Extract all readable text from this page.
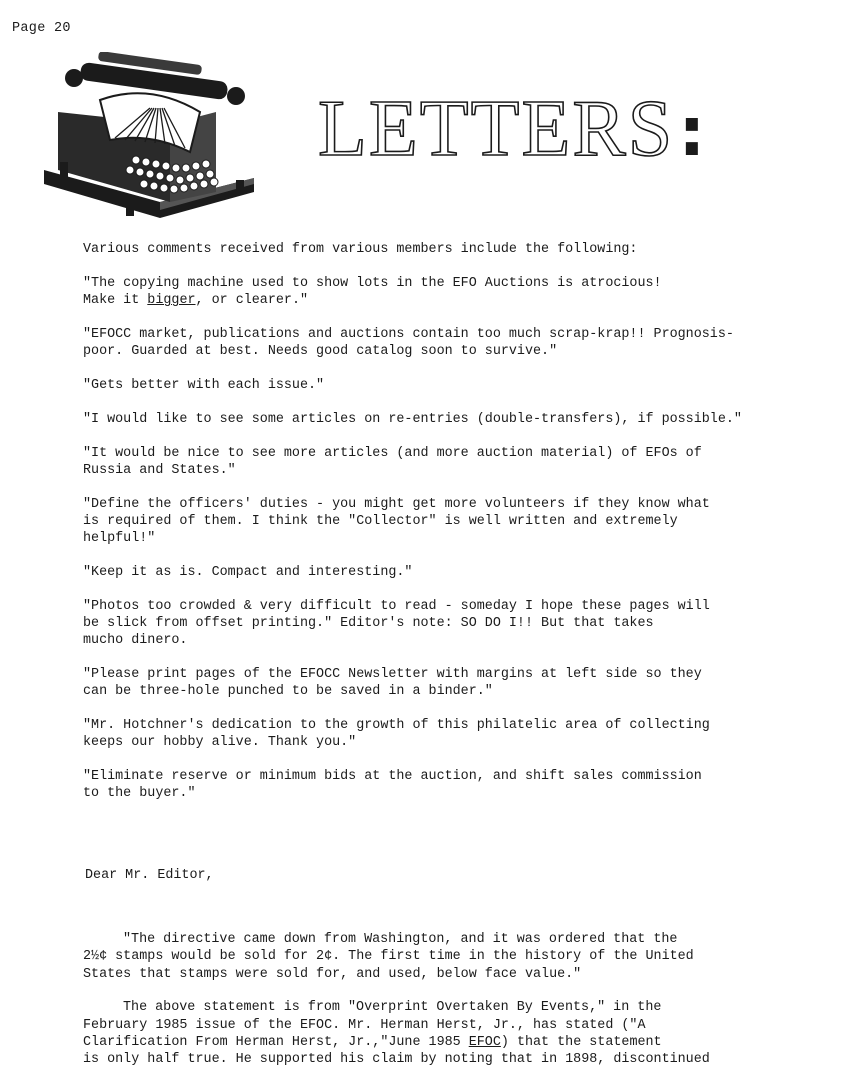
Page 20
LETTERS:

Various comments received from various members include the following:

"The copying machine used to show lots in the EFO Auctions is atrocious!
Make it bigger, or clearer."

"EFOCC market, publications and auctions contain too much scrap-krap!! Prognosis-
poor. Guarded at best. Needs good catalog soon to survive."

"Gets better with each issue."

"I would like to see some articles on re-entries (double-transfers), if possible."

"It would be nice to see more articles (and more auction material) of EFOs of
Russia and States."

"Define the officers' duties - you might get more volunteers if they know what
is required of them. I think the "Collector" is well written and extremely
helpful!"

"Keep it as is. Compact and interesting."

"Photos too crowded & very difficult to read - someday I hope these pages will
be slick from offset printing." Editor's note: SO DO I!! But that takes
mucho dinero.

"Please print pages of the EFOCC Newsletter with margins at left side so they
can be three-hole punched to be saved in a binder."

"Mr. Hotchner's dedication to the growth of this philatelic area of collecting
keeps our hobby alive. Thank you."

"Eliminate reserve or minimum bids at the auction, and shift sales commission
to the buyer."

Dear Mr. Editor,

"The directive came down from Washington, and it was ordered that the
2½¢ stamps would be sold for 2¢. The first time in the history of the United
States that stamps were sold for, and used, below face value."

The above statement is from "Overprint Overtaken By Events," in the
February 1985 issue of the EFOC. Mr. Herman Herst, Jr., has stated ("A
Clarification From Herman Herst, Jr.,"June 1985 EFOC) that the statement
is only half true. He supported his claim by noting that in 1898, discontinued
